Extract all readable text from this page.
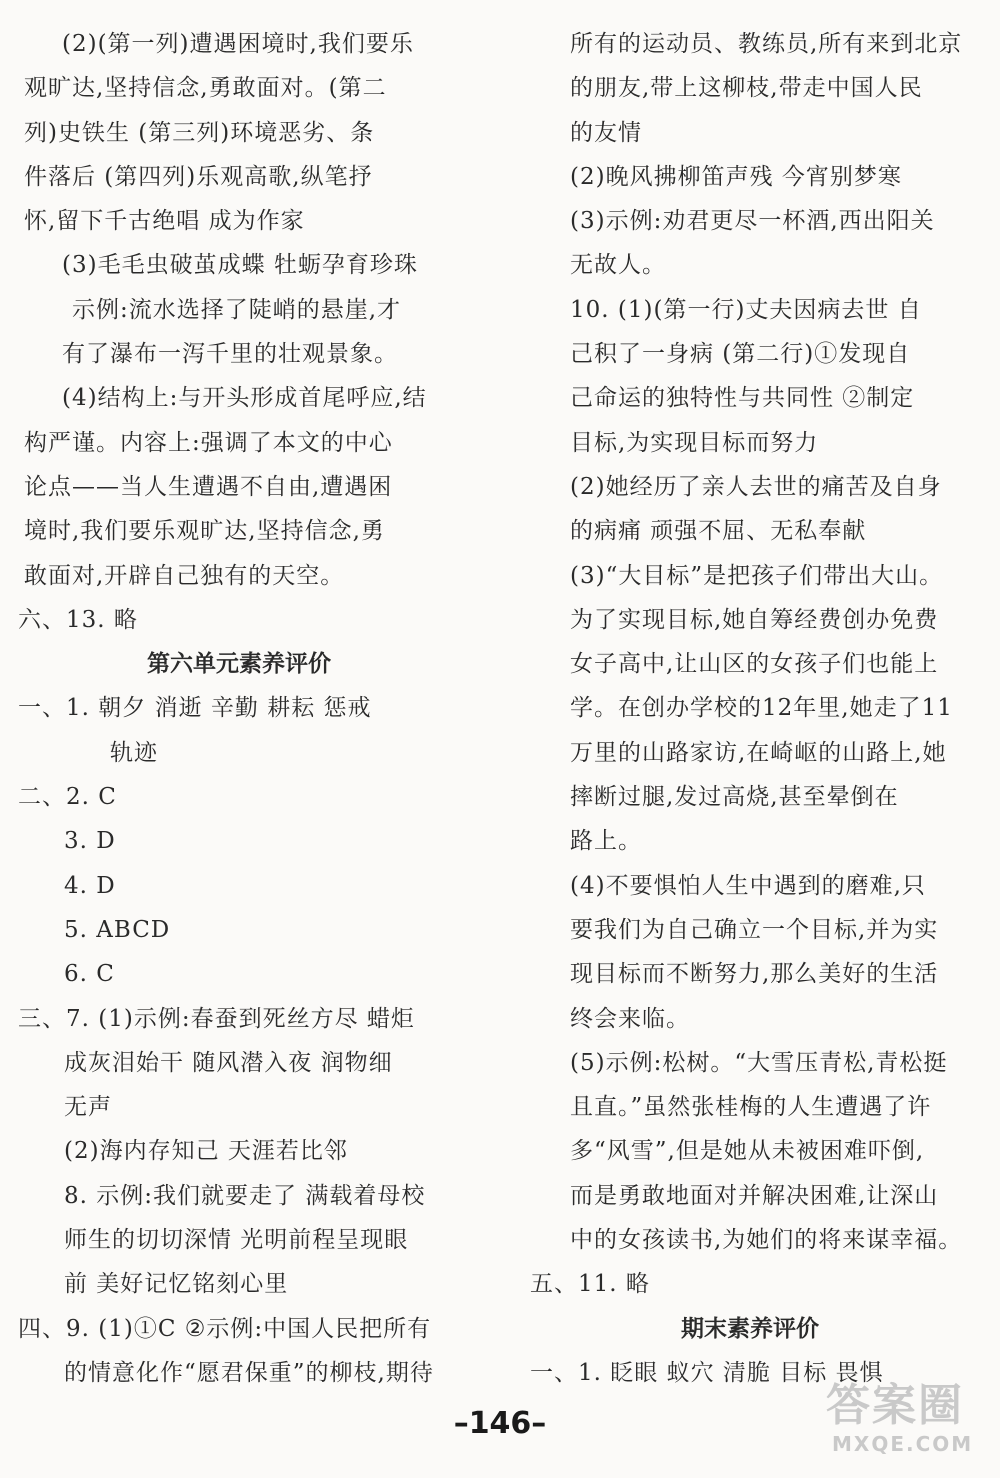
(2)(第一列)遭遇困境时,我们要乐
观旷达,坚持信念,勇敢面对。(第二
列)史铁生 (第三列)环境恶劣、条
件落后 (第四列)乐观高歌,纵笔抒
怀,留下千古绝唱 成为作家
(3)毛毛虫破茧成蝶 牡蛎孕育珍珠
示例:流水选择了陡峭的悬崖,才
有了瀑布一泻千里的壮观景象。
(4)结构上:与开头形成首尾呼应,结
构严谨。内容上:强调了本文的中心
论点——当人生遭遇不自由,遭遇困
境时,我们要乐观旷达,坚持信念,勇
敢面对,开辟自己独有的天空。
六、13. 略
第六单元素养评价
一、1. 朝夕 消逝 辛勤 耕耘 惩戒
轨迹
二、2. C
3. D
4. D
5. ABCD
6. C
三、7. (1)示例:春蚕到死丝方尽 蜡炬
成灰泪始干 随风潜入夜 润物细
无声
(2)海内存知己 天涯若比邻
8. 示例:我们就要走了 满载着母校
师生的切切深情 光明前程呈现眼
前 美好记忆铭刻心里
四、9. (1)①C ②示例:中国人民把所有
的情意化作“愿君保重”的柳枝,期待
所有的运动员、教练员,所有来到北京
的朋友,带上这柳枝,带走中国人民
的友情
(2)晚风拂柳笛声残 今宵别梦寒
(3)示例:劝君更尽一杯酒,西出阳关
无故人。
10. (1)(第一行)丈夫因病去世 自
己积了一身病 (第二行)①发现自
己命运的独特性与共同性 ②制定
目标,为实现目标而努力
(2)她经历了亲人去世的痛苦及自身
的病痛 顽强不屈、无私奉献
(3)“大目标”是把孩子们带出大山。
为了实现目标,她自筹经费创办免费
女子高中,让山区的女孩子们也能上
学。在创办学校的12年里,她走了11
万里的山路家访,在崎岖的山路上,她
摔断过腿,发过高烧,甚至晕倒在
路上。
(4)不要惧怕人生中遇到的磨难,只
要我们为自己确立一个目标,并为实
现目标而不断努力,那么美好的生活
终会来临。
(5)示例:松树。“大雪压青松,青松挺
且直。”虽然张桂梅的人生遭遇了许
多“风雪”,但是她从未被困难吓倒,
而是勇敢地面对并解决困难,让深山
中的女孩读书,为她们的将来谋幸福。
五、11. 略
期末素养评价
一、1. 眨眼 蚁穴 清脆 目标 畏惧
–146–	答案圈
MXQE.COM
